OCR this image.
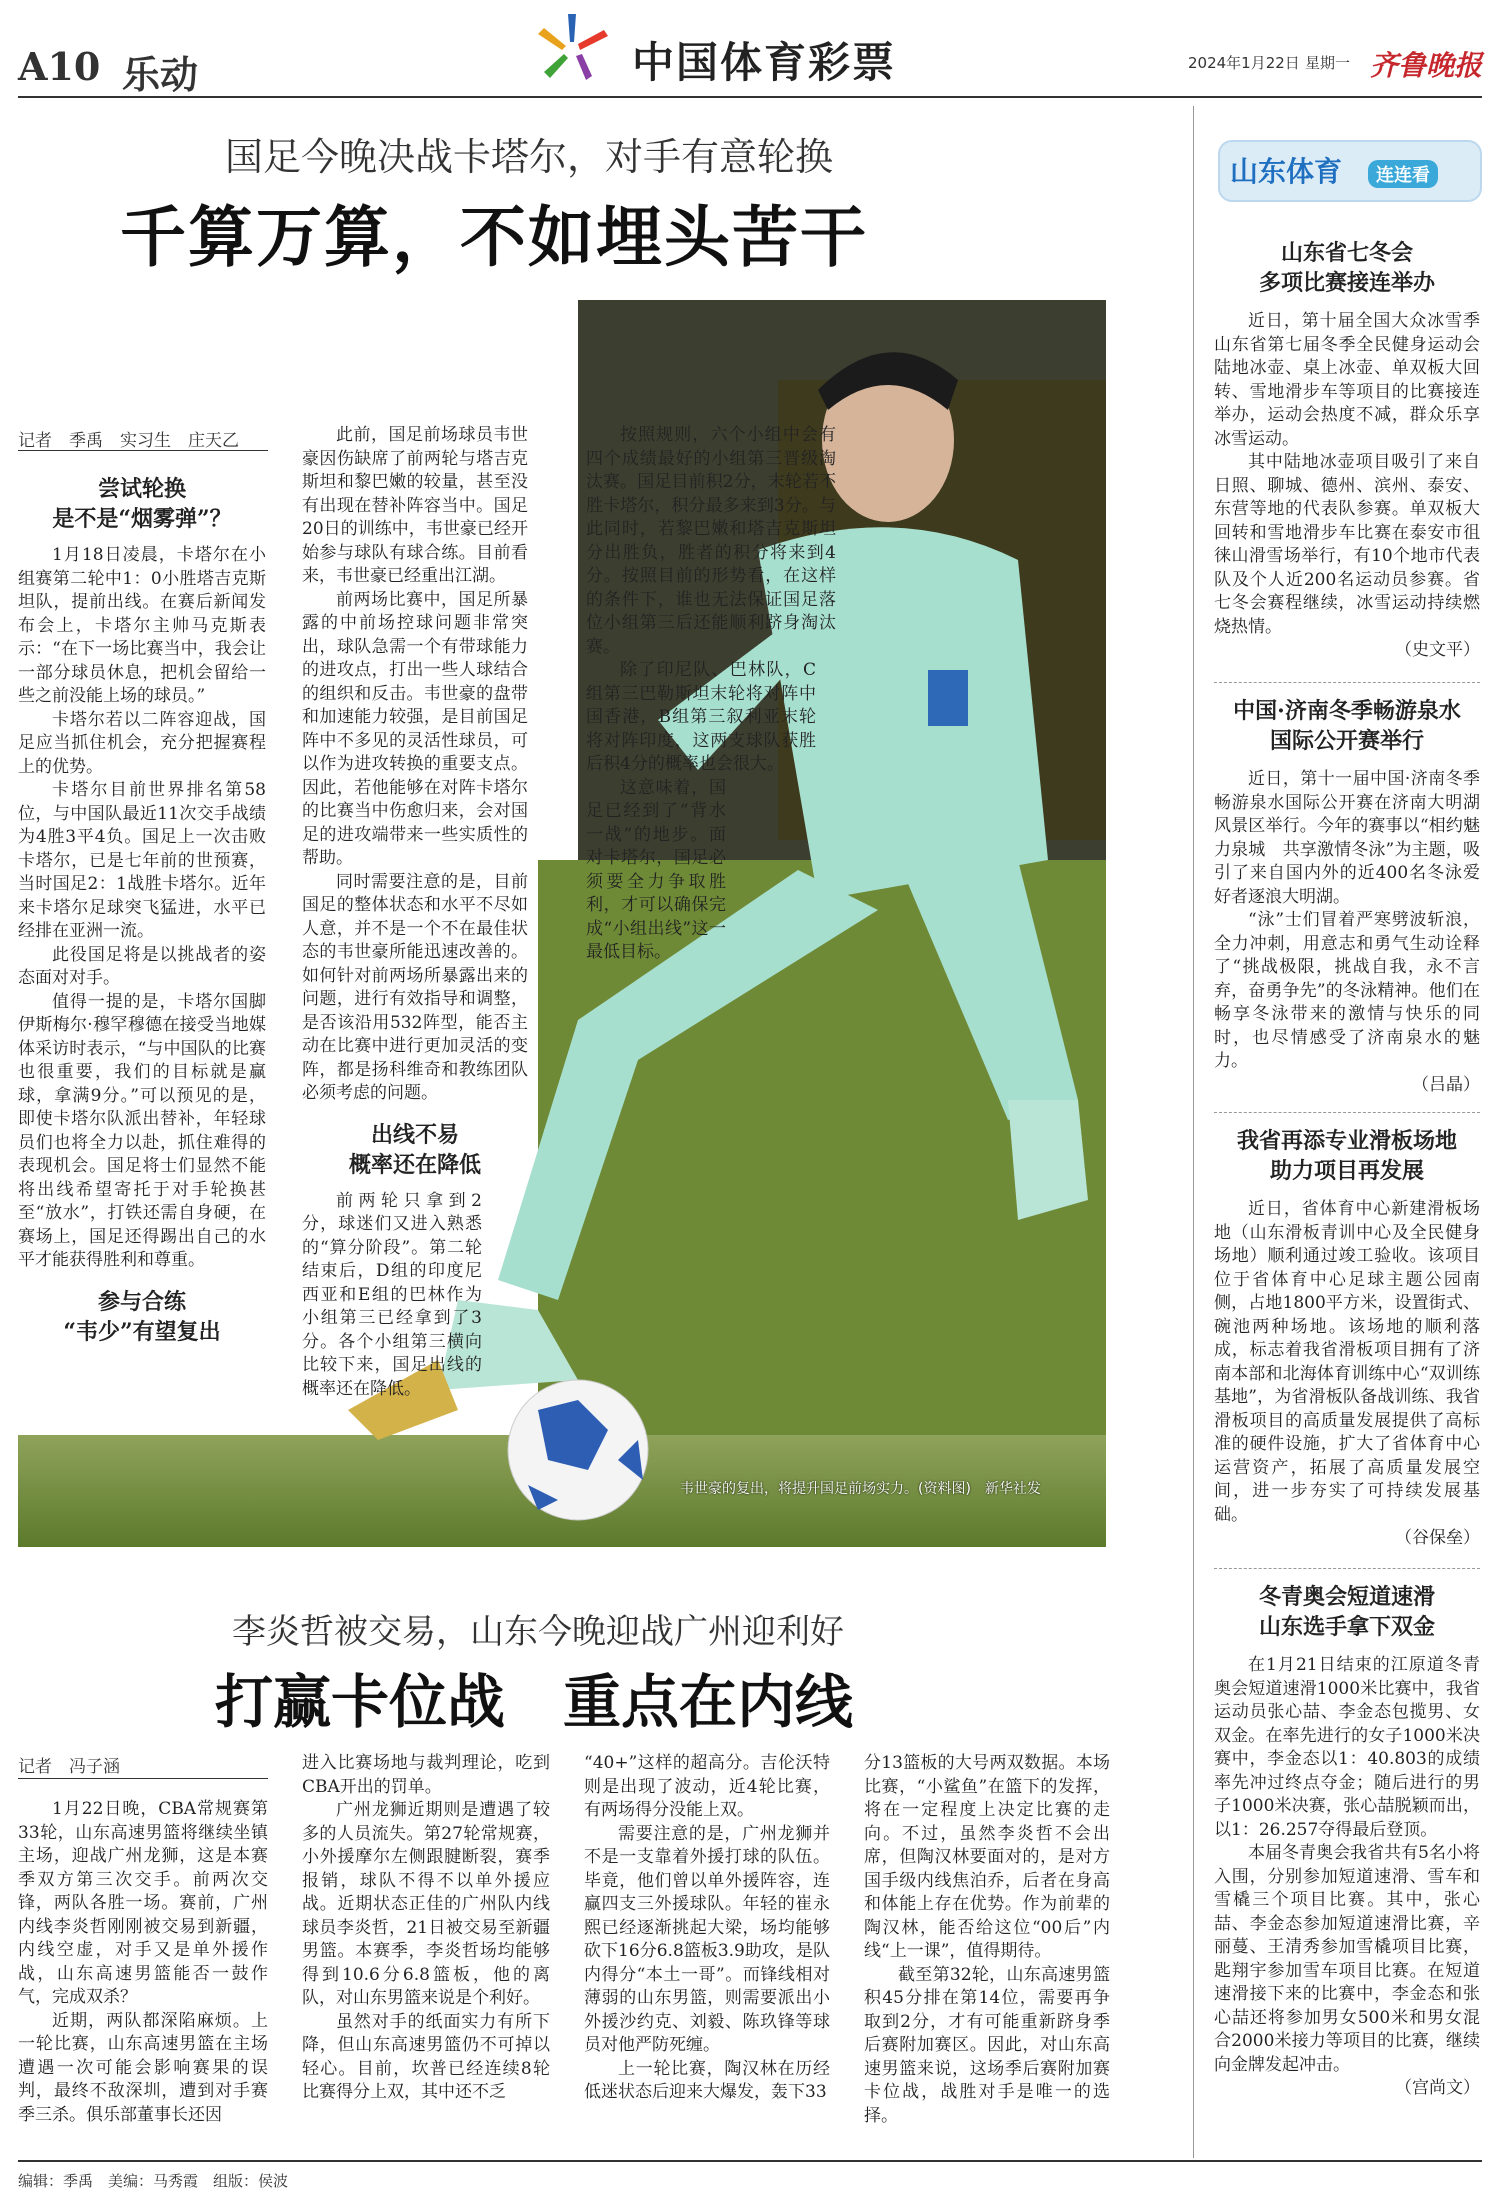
A10 乐动	中国体育彩票	2024年1月22日 星期一 齐鲁晚报
国足今晚决战卡塔尔，对手有意轮换
千算万算，不如埋头苦干
韦世豪的复出，将提升国足前场实力。(资料图)　新华社发
记者　季禹　实习生　庄天乙
尝试轮换
是不是“烟雾弹”？

1月18日凌晨，卡塔尔在小组赛第二轮中1：0小胜塔吉克斯坦队，提前出线。在赛后新闻发布会上，卡塔尔主帅马克斯表示：“在下一场比赛当中，我会让一部分球员休息，把机会留给一些之前没能上场的球员。”

卡塔尔若以二阵容迎战，国足应当抓住机会，充分把握赛程上的优势。

卡塔尔目前世界排名第58位，与中国队最近11次交手战绩为4胜3平4负。国足上一次击败卡塔尔，已是七年前的世预赛，当时国足2：1战胜卡塔尔。近年来卡塔尔足球突飞猛进，水平已经排在亚洲一流。

此役国足将是以挑战者的姿态面对对手。

值得一提的是，卡塔尔国脚伊斯梅尔·穆罕穆德在接受当地媒体采访时表示，“与中国队的比赛也很重要，我们的目标就是赢球，拿满9分。”可以预见的是，即使卡塔尔队派出替补，年轻球员们也将全力以赴，抓住难得的表现机会。国足将士们显然不能将出线希望寄托于对手轮换甚至“放水”，打铁还需自身硬，在赛场上，国足还得踢出自己的水平才能获得胜利和尊重。

参与合练
“韦少”有望复出

此前，国足前场球员韦世豪因伤缺席了前两轮与塔吉克斯坦和黎巴嫩的较量，甚至没有出现在替补阵容当中。国足20日的训练中，韦世豪已经开始参与球队有球合练。目前看来，韦世豪已经重出江湖。

前两场比赛中，国足所暴露的中前场控球问题非常突出，球队急需一个有带球能力的进攻点，打出一些人球结合的组织和反击。韦世豪的盘带和加速能力较强，是目前国足阵中不多见的灵活性球员，可以作为进攻转换的重要支点。因此，若他能够在对阵卡塔尔的比赛当中伤愈归来，会对国足的进攻端带来一些实质性的帮助。

同时需要注意的是，目前国足的整体状态和水平不尽如人意，并不是一个不在最佳状态的韦世豪所能迅速改善的。如何针对前两场所暴露出来的问题，进行有效指导和调整，是否该沿用532阵型，能否主动在比赛中进行更加灵活的变阵，都是扬科维奇和教练团队必须考虑的问题。

出线不易
概率还在降低

前两轮只拿到2分，球迷们又进入熟悉的“算分阶段”。第二轮结束后，D组的印度尼西亚和E组的巴林作为小组第三已经拿到了3分。各个小组第三横向比较下来，国足出线的概率还在降低。

按照规则，六个小组中会有四个成绩最好的小组第三晋级淘汰赛。国足目前积2分，末轮若不胜卡塔尔，积分最多来到3分。与此同时，若黎巴嫩和塔吉克斯坦分出胜负，胜者的积分将来到4分。按照目前的形势看，在这样的条件下，谁也无法保证国足落位小组第三后还能顺利跻身淘汰赛。

除了印尼队、巴林队，C组第三巴勒斯坦末轮将对阵中国香港，B组第三叙利亚末轮将对阵印度，这两支球队获胜后积4分的概率也会很大。

这意味着，国足已经到了“背水一战”的地步。面对卡塔尔，国足必须要全力争取胜利，才可以确保完成“小组出线”这一最低目标。

李炎哲被交易，山东今晚迎战广州迎利好
打赢卡位战　重点在内线
记者　冯子涵

1月22日晚，CBA常规赛第33轮，山东高速男篮将继续坐镇主场，迎战广州龙狮，这是本赛季双方第三次交手。前两次交锋，两队各胜一场。赛前，广州内线李炎哲刚刚被交易到新疆，内线空虚，对手又是单外援作战，山东高速男篮能否一鼓作气，完成双杀？

近期，两队都深陷麻烦。上一轮比赛，山东高速男篮在主场遭遇一次可能会影响赛果的误判，最终不敌深圳，遭到对手赛季三杀。俱乐部董事长还因

进入比赛场地与裁判理论，吃到CBA开出的罚单。

广州龙狮近期则是遭遇了较多的人员流失。第27轮常规赛，小外援摩尔左侧跟腱断裂，赛季报销，球队不得不以单外援应战。近期状态正佳的广州队内线球员李炎哲，21日被交易至新疆男篮。本赛季，李炎哲场均能够得到10.6分6.8篮板，他的离队，对山东男篮来说是个利好。

虽然对手的纸面实力有所下降，但山东高速男篮仍不可掉以轻心。目前，坎普已经连续8轮比赛得分上双，其中还不乏

“40+”这样的超高分。吉伦沃特则是出现了波动，近4轮比赛，有两场得分没能上双。

需要注意的是，广州龙狮并不是一支靠着外援打球的队伍。毕竟，他们曾以单外援阵容，连赢四支三外援球队。年轻的崔永熙已经逐渐挑起大梁，场均能够砍下16分6.8篮板3.9助攻，是队内得分“本土一哥”。而锋线相对薄弱的山东男篮，则需要派出小外援沙约克、刘毅、陈玖锋等球员对他严防死缠。

上一轮比赛，陶汉林在历经低迷状态后迎来大爆发，轰下33

分13篮板的大号两双数据。本场比赛，“小鲨鱼”在篮下的发挥，将在一定程度上决定比赛的走向。不过，虽然李炎哲不会出席，但陶汉林要面对的，是对方国手级内线焦泊乔，后者在身高和体能上存在优势。作为前辈的陶汉林，能否给这位“00后”内线“上一课”，值得期待。

截至第32轮，山东高速男篮积45分排在第14位，需要再争取到2分，才有可能重新跻身季后赛附加赛区。因此，对山东高速男篮来说，这场季后赛附加赛卡位战，战胜对手是唯一的选择。

山东体育	连连看
山东省七冬会
多项比赛接连举办

近日，第十届全国大众冰雪季山东省第七届冬季全民健身运动会陆地冰壶、桌上冰壶、单双板大回转、雪地滑步车等项目的比赛接连举办，运动会热度不减，群众乐享冰雪运动。

其中陆地冰壶项目吸引了来自日照、聊城、德州、滨州、泰安、东营等地的代表队参赛。单双板大回转和雪地滑步车比赛在泰安市徂徕山滑雪场举行，有10个地市代表队及个人近200名运动员参赛。省七冬会赛程继续，冰雪运动持续燃烧热情。

（史文平）
中国·济南冬季畅游泉水
国际公开赛举行

近日，第十一届中国·济南冬季畅游泉水国际公开赛在济南大明湖风景区举行。今年的赛事以“相约魅力泉城　共享激情冬泳”为主题，吸引了来自国内外的近400名冬泳爱好者逐浪大明湖。

“泳”士们冒着严寒劈波斩浪，全力冲刺，用意志和勇气生动诠释了“挑战极限，挑战自我，永不言弃，奋勇争先”的冬泳精神。他们在畅享冬泳带来的激情与快乐的同时，也尽情感受了济南泉水的魅力。

（吕晶）
我省再添专业滑板场地
助力项目再发展

近日，省体育中心新建滑板场地（山东滑板青训中心及全民健身场地）顺利通过竣工验收。该项目位于省体育中心足球主题公园南侧，占地1800平方米，设置街式、碗池两种场地。该场地的顺利落成，标志着我省滑板项目拥有了济南本部和北海体育训练中心“双训练基地”，为省滑板队备战训练、我省滑板项目的高质量发展提供了高标准的硬件设施，扩大了省体育中心运营资产，拓展了高质量发展空间，进一步夯实了可持续发展基础。

（谷保垒）
冬青奥会短道速滑
山东选手拿下双金

在1月21日结束的江原道冬青奥会短道速滑1000米比赛中，我省运动员张心喆、李金态包揽男、女双金。在率先进行的女子1000米决赛中，李金态以1：40.803的成绩率先冲过终点夺金；随后进行的男子1000米决赛，张心喆脱颖而出，以1：26.257夺得最后登顶。

本届冬青奥会我省共有5名小将入围，分别参加短道速滑、雪车和雪橇三个项目比赛。其中，张心喆、李金态参加短道速滑比赛，辛丽蔓、王清秀参加雪橇项目比赛，匙翔宇参加雪车项目比赛。在短道速滑接下来的比赛中，李金态和张心喆还将参加男女500米和男女混合2000米接力等项目的比赛，继续向金牌发起冲击。

（宫尚文）
编辑：季禹　美编：马秀霞　组版：侯波
